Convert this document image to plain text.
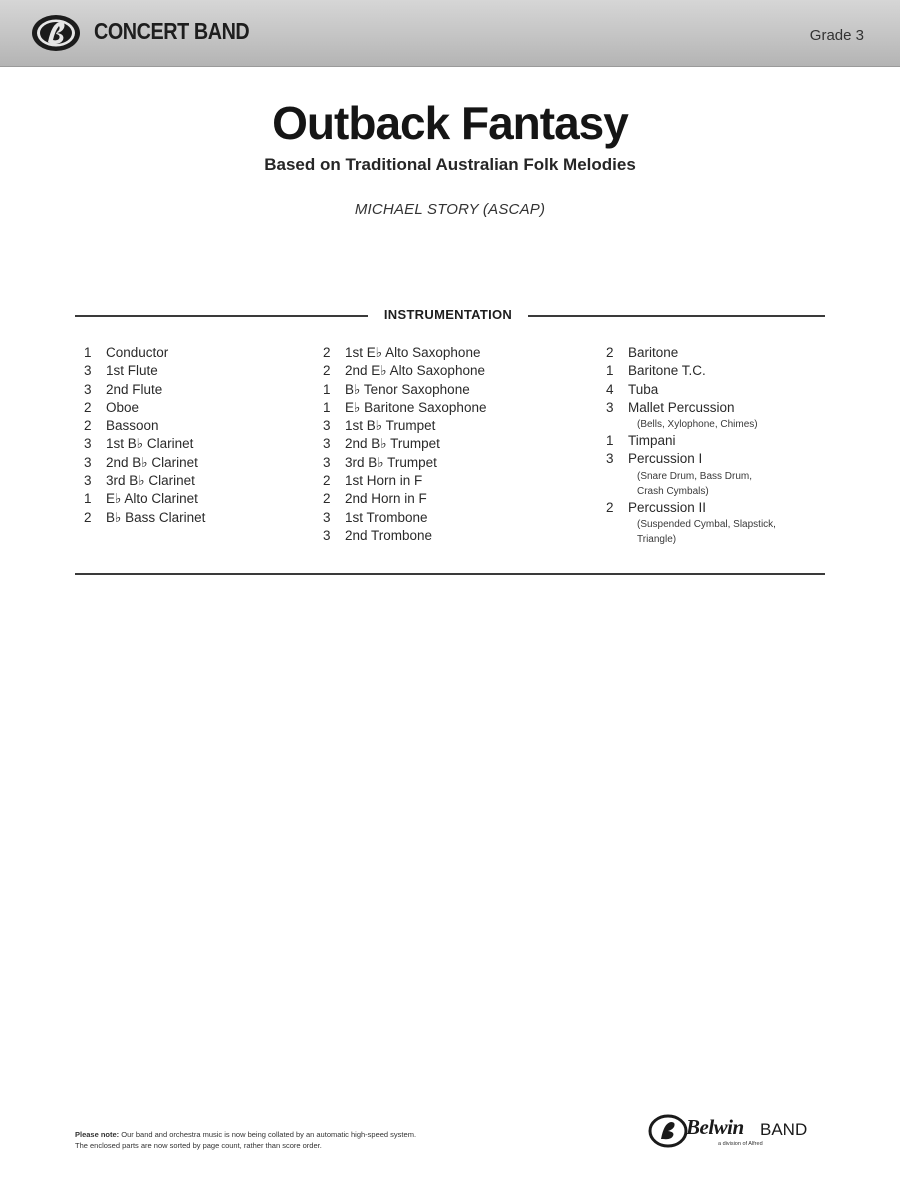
CONCERT BAND	Grade 3
Outback Fantasy
Based on Traditional Australian Folk Melodies
MICHAEL STORY (ASCAP)
INSTRUMENTATION
1 Conductor
3 1st Flute
3 2nd Flute
2 Oboe
2 Bassoon
3 1st B♭ Clarinet
3 2nd B♭ Clarinet
3 3rd B♭ Clarinet
1 E♭ Alto Clarinet
2 B♭ Bass Clarinet
2 1st E♭ Alto Saxophone
2 2nd E♭ Alto Saxophone
1 B♭ Tenor Saxophone
1 E♭ Baritone Saxophone
3 1st B♭ Trumpet
3 2nd B♭ Trumpet
3 3rd B♭ Trumpet
2 1st Horn in F
2 2nd Horn in F
3 1st Trombone
3 2nd Trombone
2 Baritone
1 Baritone T.C.
4 Tuba
3 Mallet Percussion
(Bells, Xylophone, Chimes)
1 Timpani
3 Percussion I
(Snare Drum, Bass Drum,
Crash Cymbals)
2 Percussion II
(Suspended Cymbal, Slapstick,
Triangle)
Please note: Our band and orchestra music is now being collated by an automatic high-speed system.
The enclosed parts are now sorted by page count, rather than score order.
Belwin BAND
a division of Alfred
